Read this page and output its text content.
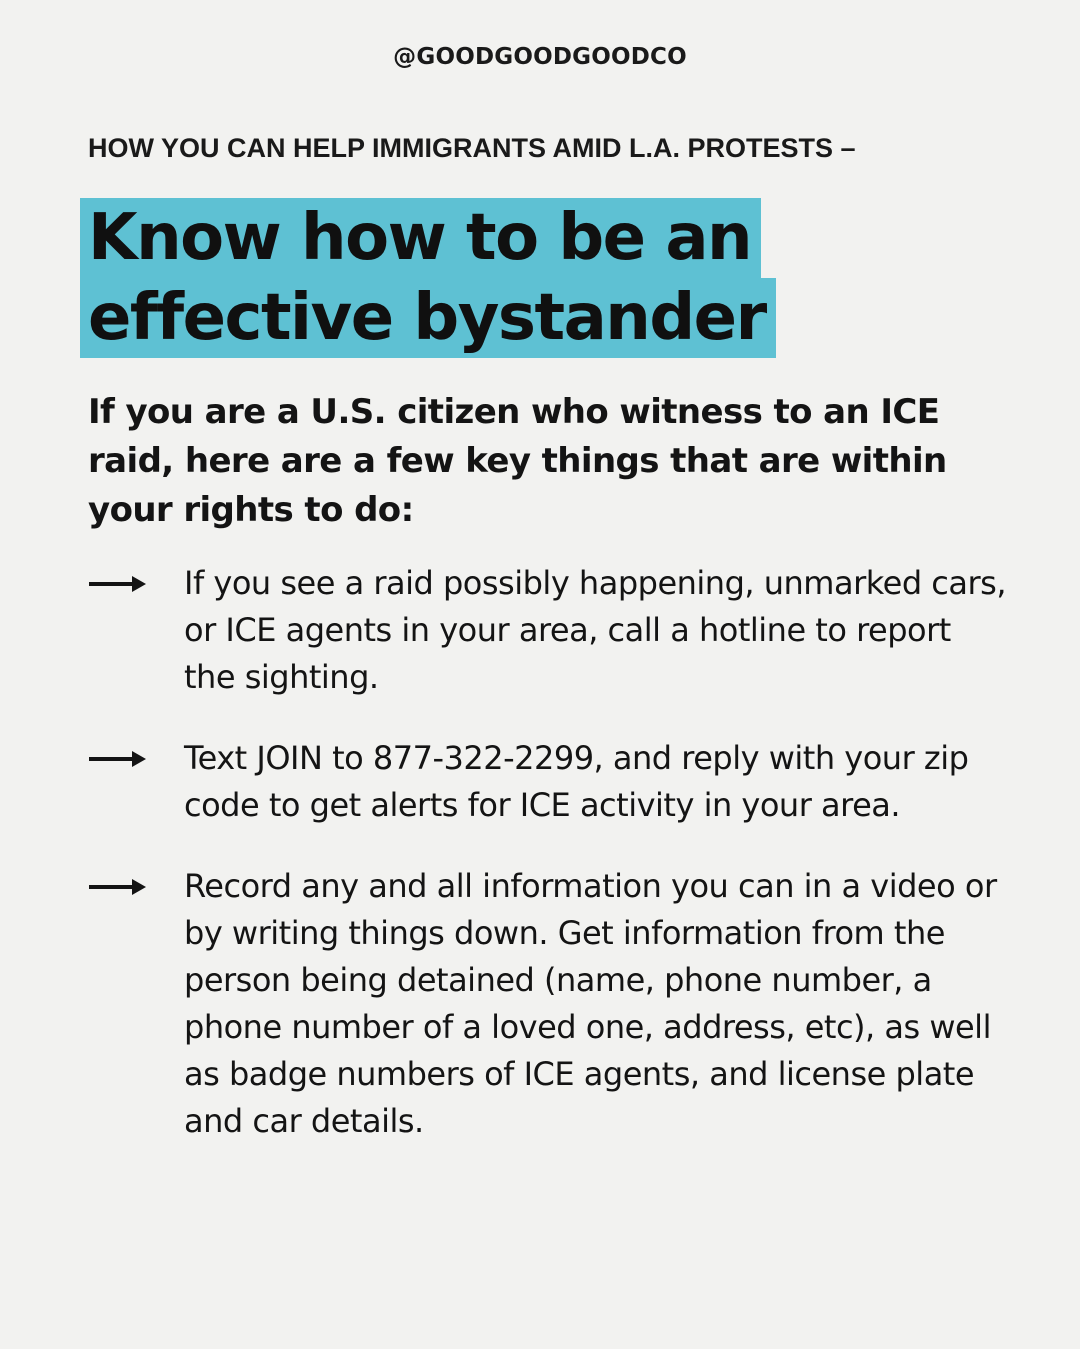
@GOODGOODGOODCO
HOW YOU CAN HELP IMMIGRANTS AMID L.A. PROTESTS –
Know how to be an
effective bystander
If you are a U.S. citizen who witness to an ICE raid, here are a few key things that are within your rights to do:
If you see a raid possibly happening, unmarked cars, or ICE agents in your area, call a hotline to report the sighting.
Text JOIN to 877-322-2299, and reply with your zip code to get alerts for ICE activity in your area.
Record any and all information you can in a video or by writing things down. Get information from the person being detained (name, phone number, a phone number of a loved one, address, etc), as well as badge numbers of ICE agents, and license plate and car details.
